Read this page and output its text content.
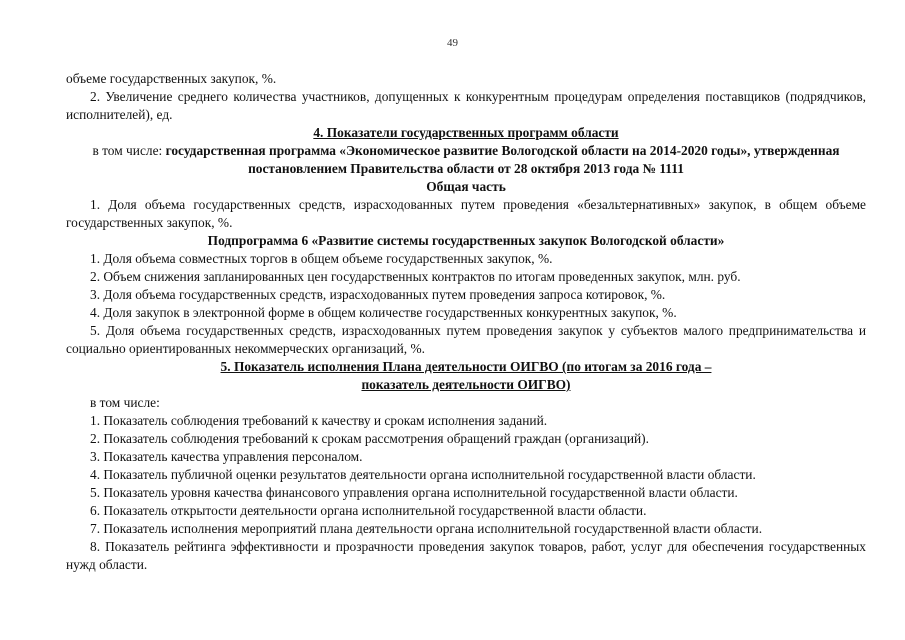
49

объеме государственных закупок, %.

2. Увеличение среднего количества участников, допущенных к конкурентным процедурам определения поставщиков (подрядчиков, исполнителей), ед.

4. Показатели государственных программ области

в том числе: государственная программа «Экономическое развитие Вологодской области на 2014-2020 годы», утвержденная постановлением Правительства области от 28 октября 2013 года № 1111

Общая часть

1. Доля объема государственных средств, израсходованных путем проведения «безальтернативных» закупок, в общем объеме государственных закупок, %.

Подпрограмма 6 «Развитие системы государственных закупок Вологодской области»

1. Доля объема совместных торгов в общем объеме государственных закупок, %.

2. Объем снижения запланированных цен государственных контрактов по итогам проведенных закупок, млн. руб.

3. Доля объема государственных средств, израсходованных путем проведения запроса котировок, %.

4. Доля закупок в электронной форме в общем количестве государственных конкурентных закупок, %.

5. Доля объема государственных средств, израсходованных путем проведения закупок у субъектов малого предпринимательства и социально ориентированных некоммерческих организаций, %.

5. Показатель исполнения Плана деятельности ОИГВО (по итогам за 2016 года –

показатель деятельности ОИГВО)

в том числе:

1. Показатель соблюдения требований к качеству и срокам исполнения заданий.

2. Показатель соблюдения требований к срокам рассмотрения обращений граждан (организаций).

3. Показатель качества управления персоналом.

4. Показатель публичной оценки результатов деятельности органа исполнительной государственной власти области.

5. Показатель уровня качества финансового управления органа исполнительной государственной власти области.

6. Показатель открытости деятельности органа исполнительной государственной власти области.

7. Показатель исполнения мероприятий плана деятельности органа исполнительной государственной власти области.

8. Показатель рейтинга эффективности и прозрачности проведения закупок товаров, работ, услуг для обеспечения государственных нужд области.
